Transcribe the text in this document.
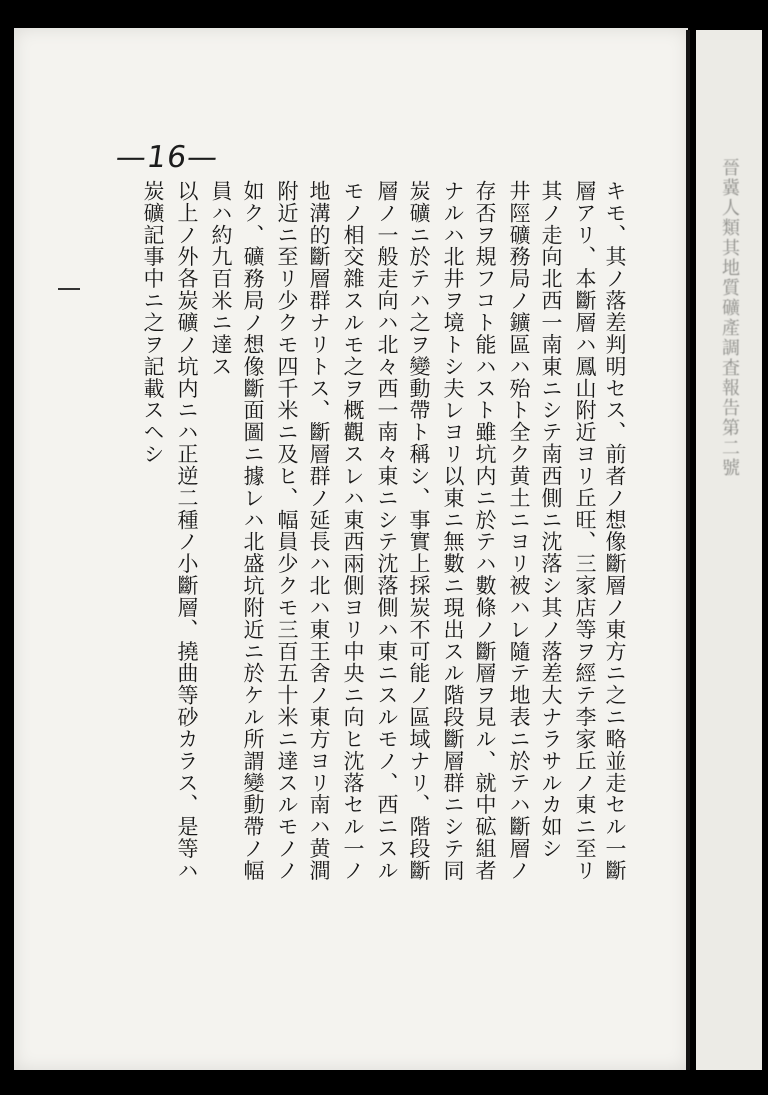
晉冀人類其地質礦產調査報告第二號
—16—
キモ、其ノ落差判明セス、前者ノ想像斷層ノ東方ニ之ニ略並走セル一斷
層アリ、本斷層ハ鳳山附近ヨリ丘旺、三家店等ヲ經テ李家丘ノ東ニ至リ
其ノ走向北西一南東ニシテ南西側ニ沈落シ其ノ落差大ナラサルカ如シ
井陘礦務局ノ鑛區ハ殆ト全ク黄土ニヨリ被ハレ隨テ地表ニ於テハ斷層ノ
存否ヲ規フコト能ハスト雖坑内ニ於テハ數條ノ斷層ヲ見ル、就中砿組者
ナルハ北井ヲ境トシ夫レヨリ以東ニ無數ニ現出スル階段斷層群ニシテ同
炭礦ニ於テハ之ヲ變動帶ト稱シ、事實上採炭不可能ノ區域ナリ、階段斷
層ノ一般走向ハ北々西一南々東ニシテ沈落側ハ東ニスルモノ、西ニスル
モノ相交雜スルモ之ヲ概觀スレハ東西兩側ヨリ中央ニ向ヒ沈落セル一ノ
地溝的斷層群ナリトス、斷層群ノ延長ハ北ハ東王舍ノ東方ヨリ南ハ黄澗
附近ニ至リ少クモ四千米ニ及ヒ、幅員少クモ三百五十米ニ達スルモノノ
如ク、礦務局ノ想像斷面圖ニ據レハ北盛坑附近ニ於ケル所謂變動帶ノ幅
員ハ約九百米ニ達ス
以上ノ外各炭礦ノ坑内ニハ正逆二種ノ小斷層、撓曲等砂カラス、是等ハ
炭礦記事中ニ之ヲ記載スヘシ
